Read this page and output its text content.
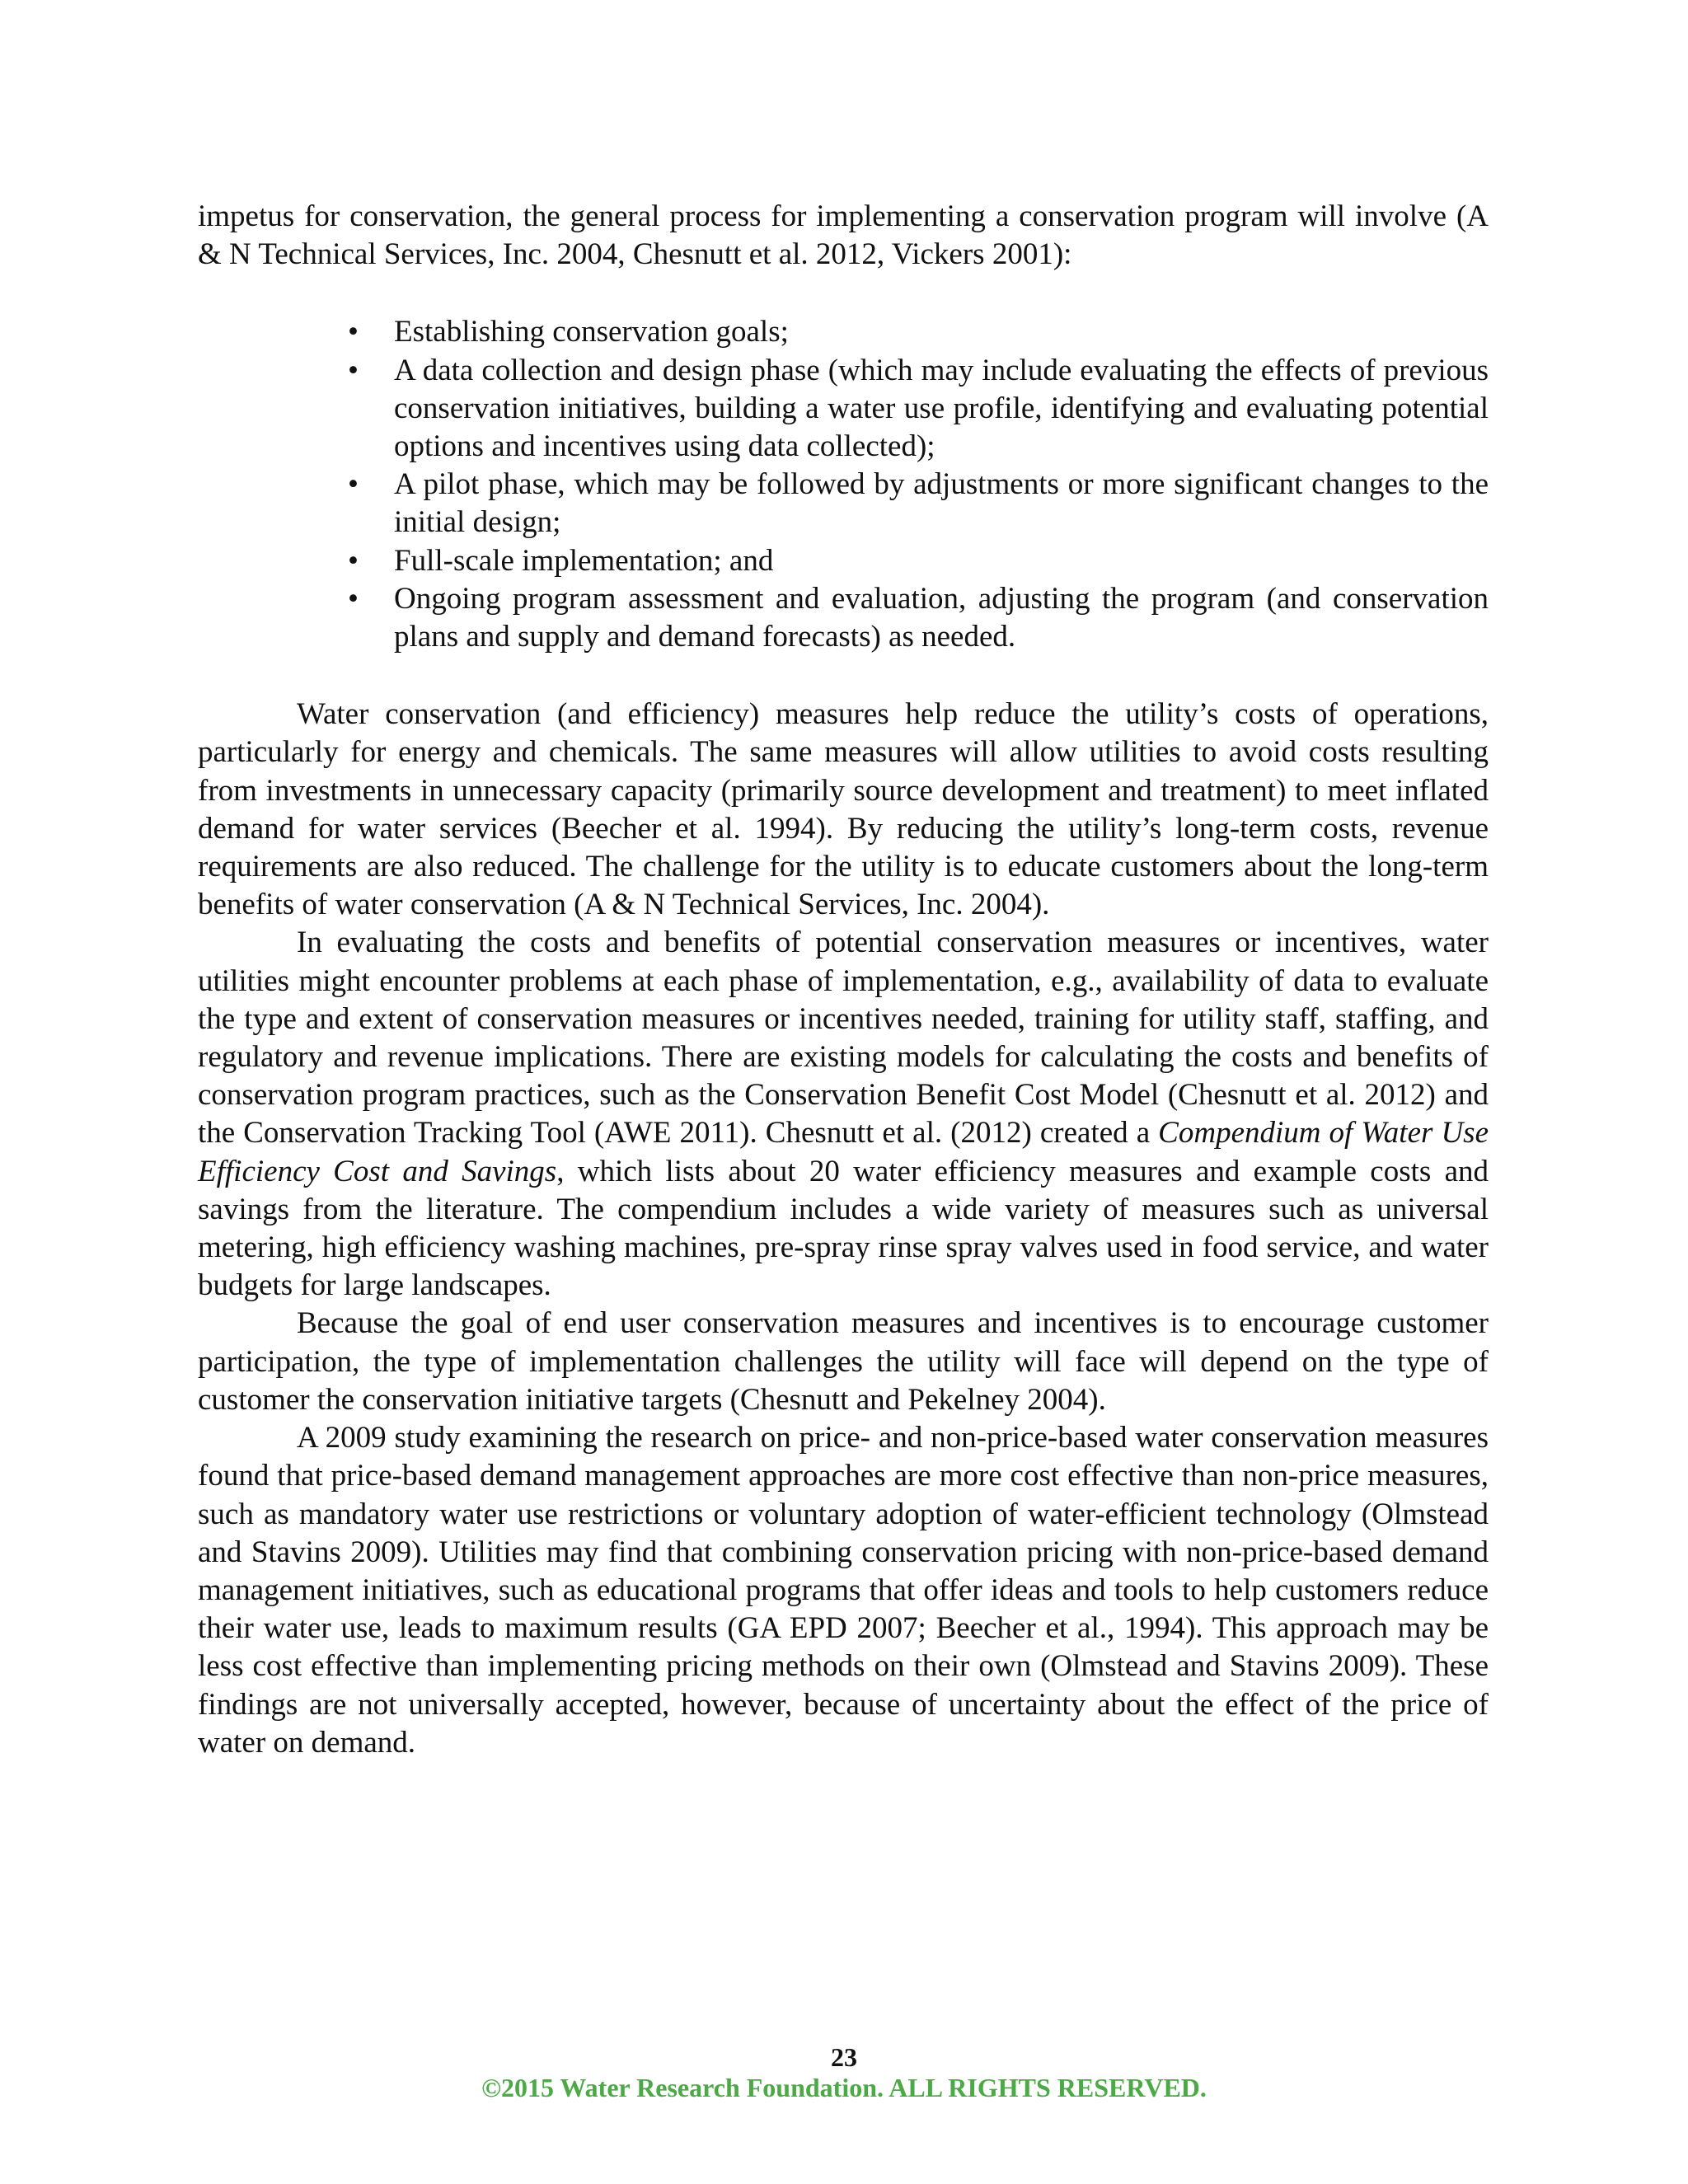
impetus for conservation, the general process for implementing a conservation program will involve (A & N Technical Services, Inc. 2004, Chesnutt et al. 2012, Vickers 2001):

•	Establishing conservation goals;
•	A data collection and design phase (which may include evaluating the effects of previous conservation initiatives, building a water use profile, identifying and evaluating potential options and incentives using data collected);
•	A pilot phase, which may be followed by adjustments or more significant changes to the initial design;
•	Full-scale implementation; and
•	Ongoing program assessment and evaluation, adjusting the program (and conservation plans and supply and demand forecasts) as needed.

Water conservation (and efficiency) measures help reduce the utility’s costs of operations, particularly for energy and chemicals. The same measures will allow utilities to avoid costs resulting from investments in unnecessary capacity (primarily source development and treatment) to meet inflated demand for water services (Beecher et al. 1994). By reducing the utility’s long-term costs, revenue requirements are also reduced. The challenge for the utility is to educate customers about the long-term benefits of water conservation (A & N Technical Services, Inc. 2004).

In evaluating the costs and benefits of potential conservation measures or incentives, water utilities might encounter problems at each phase of implementation, e.g., availability of data to evaluate the type and extent of conservation measures or incentives needed, training for utility staff, staffing, and regulatory and revenue implications. There are existing models for calculating the costs and benefits of conservation program practices, such as the Conservation Benefit Cost Model (Chesnutt et al. 2012) and the Conservation Tracking Tool (AWE 2011). Chesnutt et al. (2012) created a Compendium of Water Use Efficiency Cost and Savings, which lists about 20 water efficiency measures and example costs and savings from the literature. The compendium includes a wide variety of measures such as universal metering, high efficiency washing machines, pre-spray rinse spray valves used in food service, and water budgets for large landscapes.

Because the goal of end user conservation measures and incentives is to encourage customer participation, the type of implementation challenges the utility will face will depend on the type of customer the conservation initiative targets (Chesnutt and Pekelney 2004).

A 2009 study examining the research on price- and non-price-based water conservation measures found that price-based demand management approaches are more cost effective than non-price measures, such as mandatory water use restrictions or voluntary adoption of water-efficient technology (Olmstead and Stavins 2009). Utilities may find that combining conservation pricing with non-price-based demand management initiatives, such as educational programs that offer ideas and tools to help customers reduce their water use, leads to maximum results (GA EPD 2007; Beecher et al., 1994). This approach may be less cost effective than implementing pricing methods on their own (Olmstead and Stavins 2009). These findings are not universally accepted, however, because of uncertainty about the effect of the price of water on demand.

23
©2015 Water Research Foundation. ALL RIGHTS RESERVED.
